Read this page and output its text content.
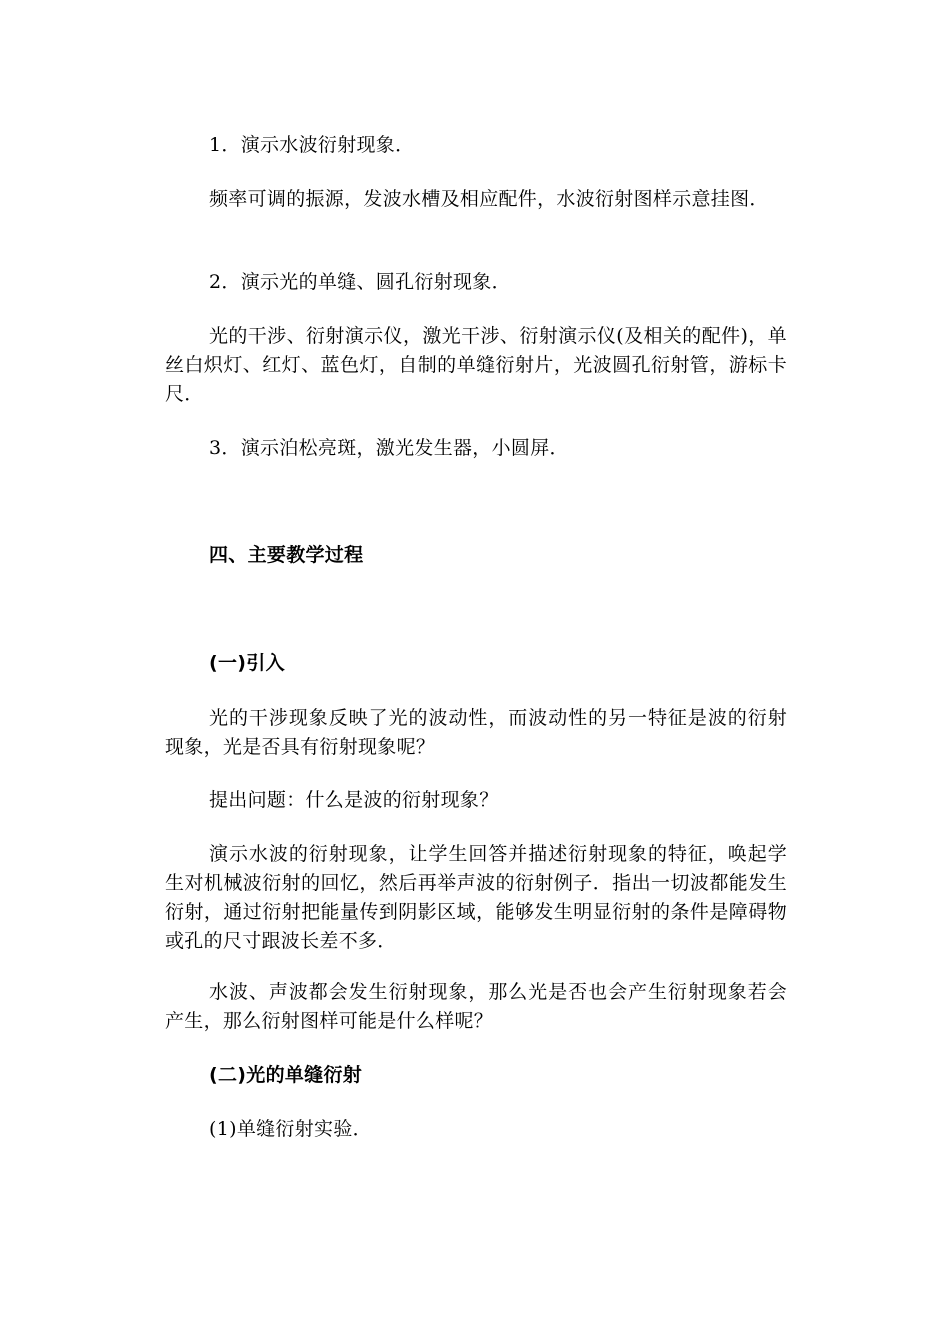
1．演示水波衍射现象．

频率可调的振源，发波水槽及相应配件，水波衍射图样示意挂图．

2．演示光的单缝、圆孔衍射现象．

光的干涉、衍射演示仪，激光干涉、衍射演示仪(及相关的配件)，单丝白炽灯、红灯、蓝色灯，自制的单缝衍射片，光波圆孔衍射管，游标卡尺．

3．演示泊松亮斑，激光发生器，小圆屏．

四、主要教学过程

(一)引入

光的干涉现象反映了光的波动性，而波动性的另一特征是波的衍射现象，光是否具有衍射现象呢？

提出问题：什么是波的衍射现象？

演示水波的衍射现象，让学生回答并描述衍射现象的特征，唤起学生对机械波衍射的回忆，然后再举声波的衍射例子．指出一切波都能发生衍射，通过衍射把能量传到阴影区域，能够发生明显衍射的条件是障碍物或孔的尺寸跟波长差不多．

水波、声波都会发生衍射现象，那么光是否也会产生衍射现象若会产生，那么衍射图样可能是什么样呢？

(二)光的单缝衍射

(1)单缝衍射实验．
